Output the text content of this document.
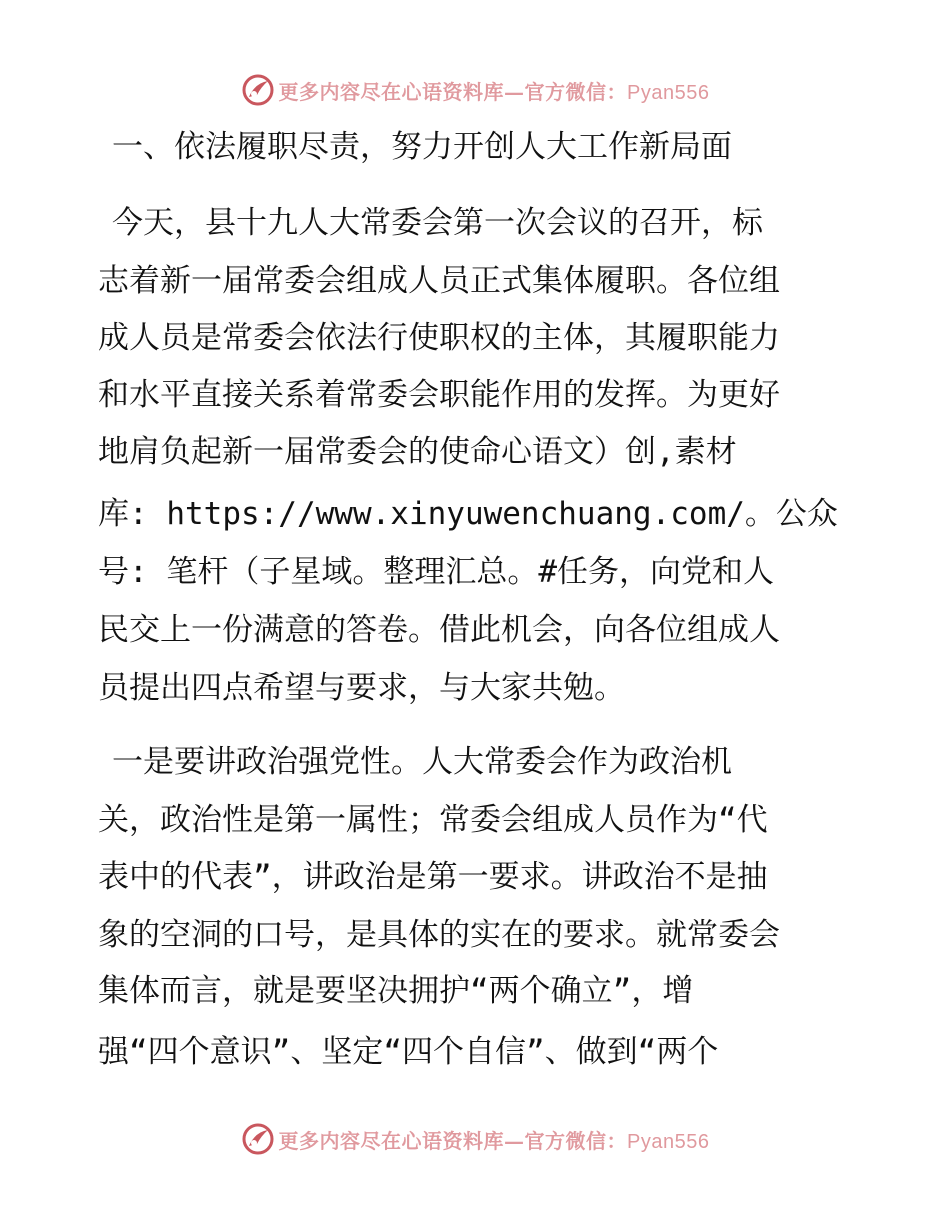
更多内容尽在心语资料库—官方微信：Pyan556
一、依法履职尽责，努力开创人大工作新局面
今天，县十九人大常委会第一次会议的召开，标
志着新一届常委会组成人员正式集体履职。各位组
成人员是常委会依法行使职权的主体，其履职能力
和水平直接关系着常委会职能作用的发挥。为更好
地肩负起新一届常委会的使命心语文）创,素材
库: https://www.xinyuwenchuang.com/。公众
号: 笔杆（子星域。整理汇总。#任务，向党和人
民交上一份满意的答卷。借此机会，向各位组成人
员提出四点希望与要求，与大家共勉。
一是要讲政治强党性。人大常委会作为政治机
关，政治性是第一属性；常委会组成人员作为“代
表中的代表”，讲政治是第一要求。讲政治不是抽
象的空洞的口号，是具体的实在的要求。就常委会
集体而言，就是要坚决拥护“两个确立”，增
强“四个意识”、坚定“四个自信”、做到“两个
更多内容尽在心语资料库—官方微信：Pyan556
